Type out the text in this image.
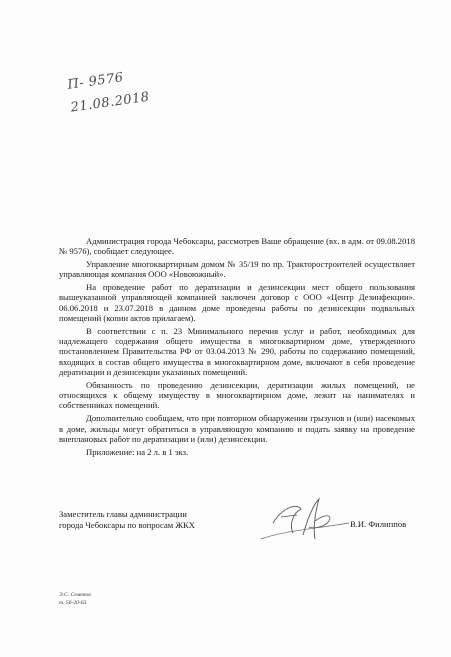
П- 9576
21.08.2018

Администрация города Чебоксары, рассмотрев Ваше обращение (вх. в адм. от 09.08.2018 № 9576), сообщает следующее.

Управление многоквартирным домом № 35/19 по пр. Тракторостроителей осуществляет управляющая компания ООО «Новоюжный».

На проведение работ по дератизации и дезинсекции мест общего пользования вышеуказанной управляющей компанией заключен договор с ООО «Центр Дезинфекции». 06.06.2018 и 23.07.2018 в данном доме проведены работы по дезинсекции подвальных помещений (копии актов прилагаем).

В соответствии с п. 23 Минимального перечня услуг и работ, необходимых для надлежащего содержания общего имущества в многоквартирном доме, утвержденного постановлением Правительства РФ от 03.04.2013 № 290, работы по содержанию помещений, входящих в состав общего имущества в многоквартирном доме, включают в себя проведение дератизации и дезинсекции указанных помещений.

Обязанность по проведению дезинсекции, дератизации жилых помещений, не относящихся к общему имуществу в многоквартирном доме, лежит на нанимателях и собственниках помещений.

Дополнительно сообщаем, что при повторном обнаружении грызунов и (или) насекомых в доме, жильцы могут обратиться в управляющую компанию и подать заявку на проведение внеплановых работ по дератизации и (или) дезинсекции.

Приложение: на 2 л. в 1 экз.

Заместитель главы администрации
города Чебоксары по вопросам ЖКХ	В.И. Филиппов
Э.С. Семенов
т. 56-20-63
